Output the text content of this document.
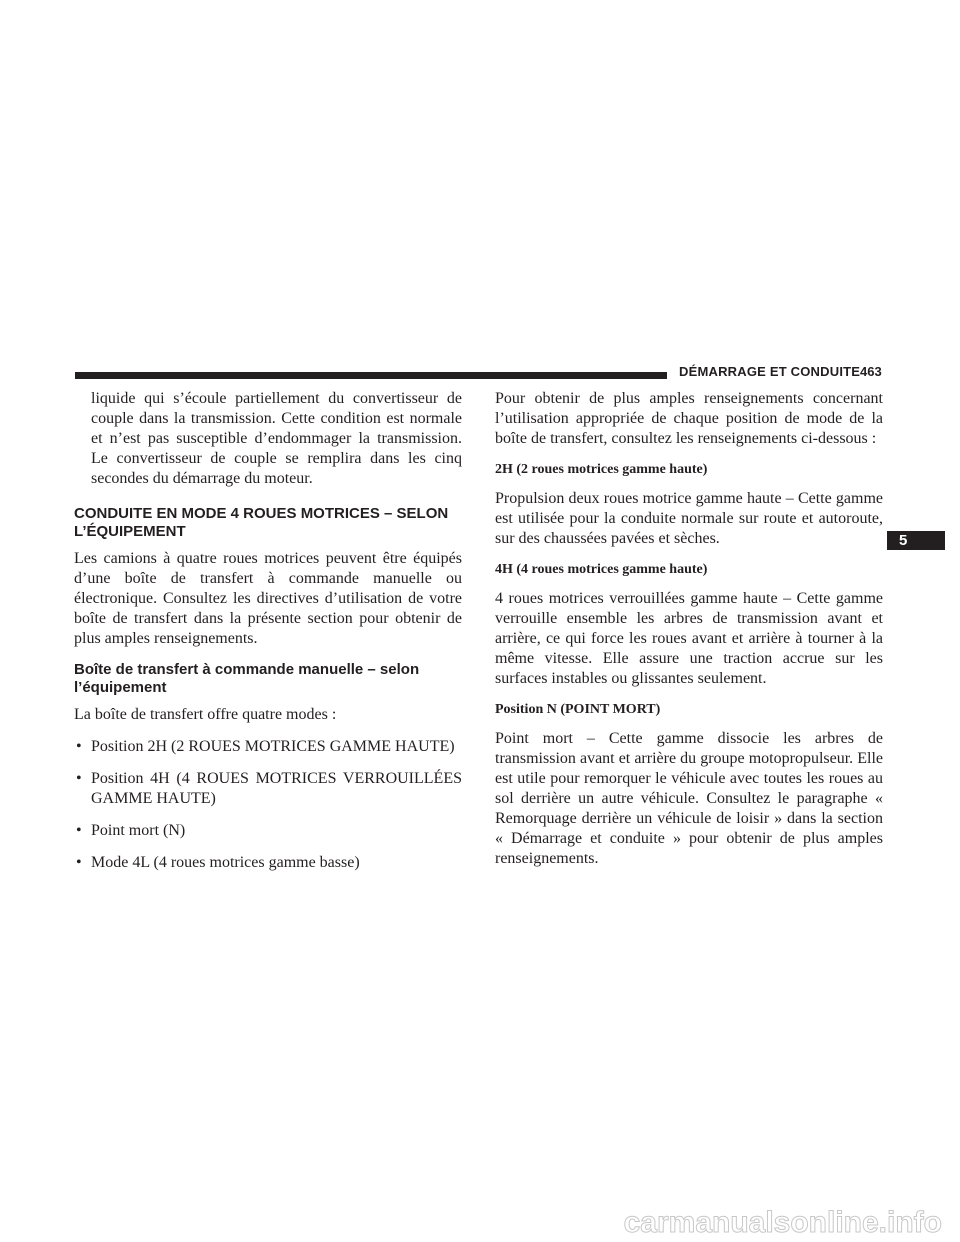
DÉMARRAGE ET CONDUITE 463
5

liquide qui s’écoule partiellement du convertisseur de couple dans la transmission. Cette condition est normale et n’est pas susceptible d’endommager la transmission. Le convertisseur de couple se remplira dans les cinq secondes du démarrage du moteur.

CONDUITE EN MODE 4 ROUES MOTRICES – SELON L’ÉQUIPEMENT

Les camions à quatre roues motrices peuvent être équipés d’une boîte de transfert à commande manuelle ou électronique. Consultez les directives d’utilisation de votre boîte de transfert dans la présente section pour obtenir de plus amples renseignements.

Boîte de transfert à commande manuelle – selon l’équipement

La boîte de transfert offre quatre modes :

• Position 2H (2 ROUES MOTRICES GAMME HAUTE)
• Position 4H (4 ROUES MOTRICES VERROUILLÉES GAMME HAUTE)
• Point mort (N)
• Mode 4L (4 roues motrices gamme basse)

Pour obtenir de plus amples renseignements concernant l’utilisation appropriée de chaque position de mode de la boîte de transfert, consultez les renseignements ci-dessous :

2H (2 roues motrices gamme haute)

Propulsion deux roues motrice gamme haute – Cette gamme est utilisée pour la conduite normale sur route et autoroute, sur des chaussées pavées et sèches.

4H (4 roues motrices gamme haute)

4 roues motrices verrouillées gamme haute – Cette gamme verrouille ensemble les arbres de transmission avant et arrière, ce qui force les roues avant et arrière à tourner à la même vitesse. Elle assure une traction accrue sur les surfaces instables ou glissantes seulement.

Position N (POINT MORT)

Point mort – Cette gamme dissocie les arbres de transmission avant et arrière du groupe motopropulseur. Elle est utile pour remorquer le véhicule avec toutes les roues au sol derrière un autre véhicule. Consultez le paragraphe « Remorquage derrière un véhicule de loisir » dans la section « Démarrage et conduite » pour obtenir de plus amples renseignements.

carmanualsonline.info
